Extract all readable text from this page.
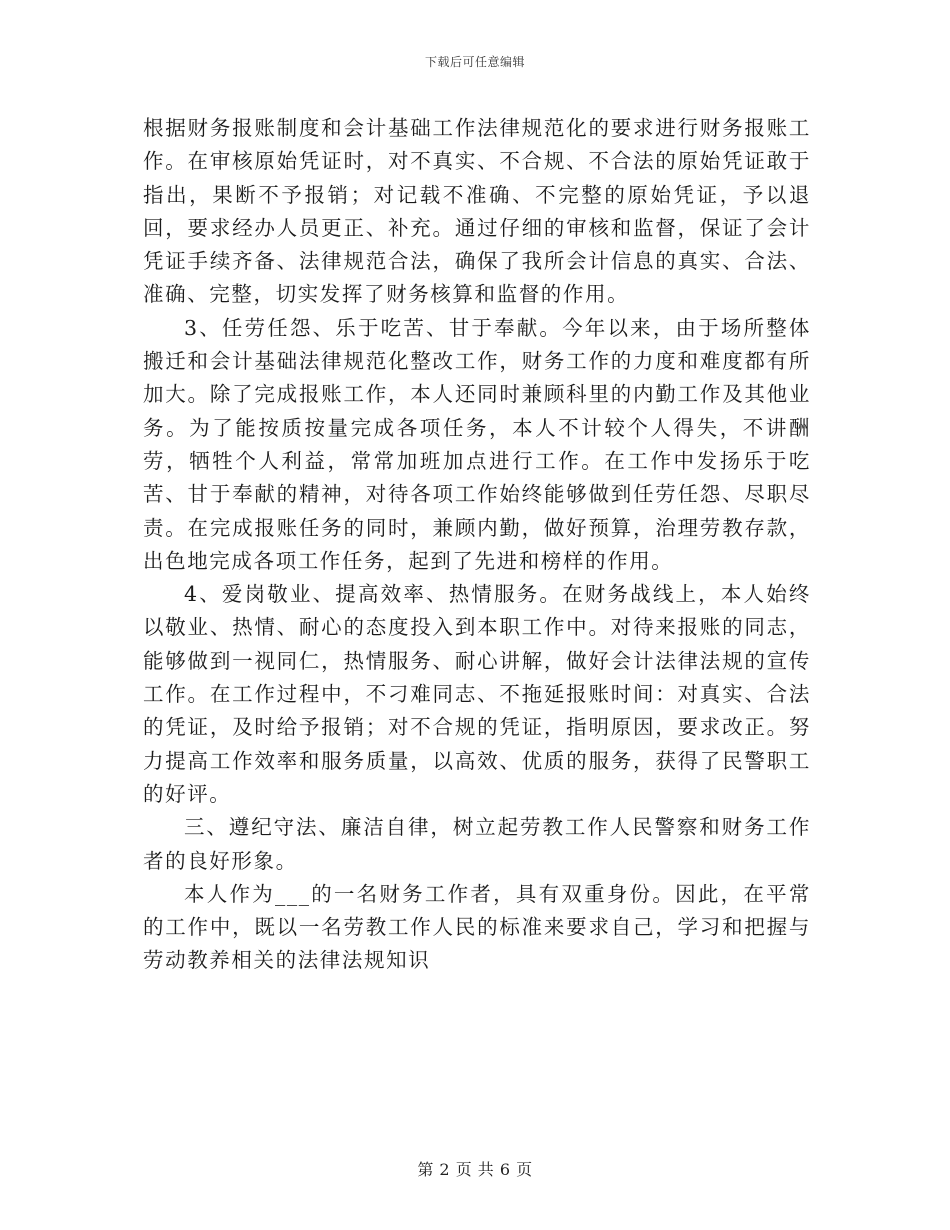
下载后可任意编辑

根据财务报账制度和会计基础工作法律规范化的要求进行财务报账工作。在审核原始凭证时，对不真实、不合规、不合法的原始凭证敢于指出，果断不予报销；对记载不准确、不完整的原始凭证，予以退回，要求经办人员更正、补充。通过仔细的审核和监督，保证了会计凭证手续齐备、法律规范合法，确保了我所会计信息的真实、合法、准确、完整，切实发挥了财务核算和监督的作用。

3、任劳任怨、乐于吃苦、甘于奉献。今年以来，由于场所整体搬迁和会计基础法律规范化整改工作，财务工作的力度和难度都有所加大。除了完成报账工作，本人还同时兼顾科里的内勤工作及其他业务。为了能按质按量完成各项任务，本人不计较个人得失，不讲酬劳，牺牲个人利益，常常加班加点进行工作。在工作中发扬乐于吃苦、甘于奉献的精神，对待各项工作始终能够做到任劳任怨、尽职尽责。在完成报账任务的同时，兼顾内勤，做好预算，治理劳教存款，出色地完成各项工作任务，起到了先进和榜样的作用。

4、爱岗敬业、提高效率、热情服务。在财务战线上，本人始终以敬业、热情、耐心的态度投入到本职工作中。对待来报账的同志，能够做到一视同仁，热情服务、耐心讲解，做好会计法律法规的宣传工作。在工作过程中，不刁难同志、不拖延报账时间：对真实、合法的凭证，及时给予报销；对不合规的凭证，指明原因，要求改正。努力提高工作效率和服务质量，以高效、优质的服务，获得了民警职工的好评。

三、遵纪守法、廉洁自律，树立起劳教工作人民警察和财务工作者的良好形象。

本人作为___的一名财务工作者，具有双重身份。因此，在平常的工作中，既以一名劳教工作人民的标准来要求自己，学习和把握与劳动教养相关的法律法规知识

第 2 页 共 6 页
